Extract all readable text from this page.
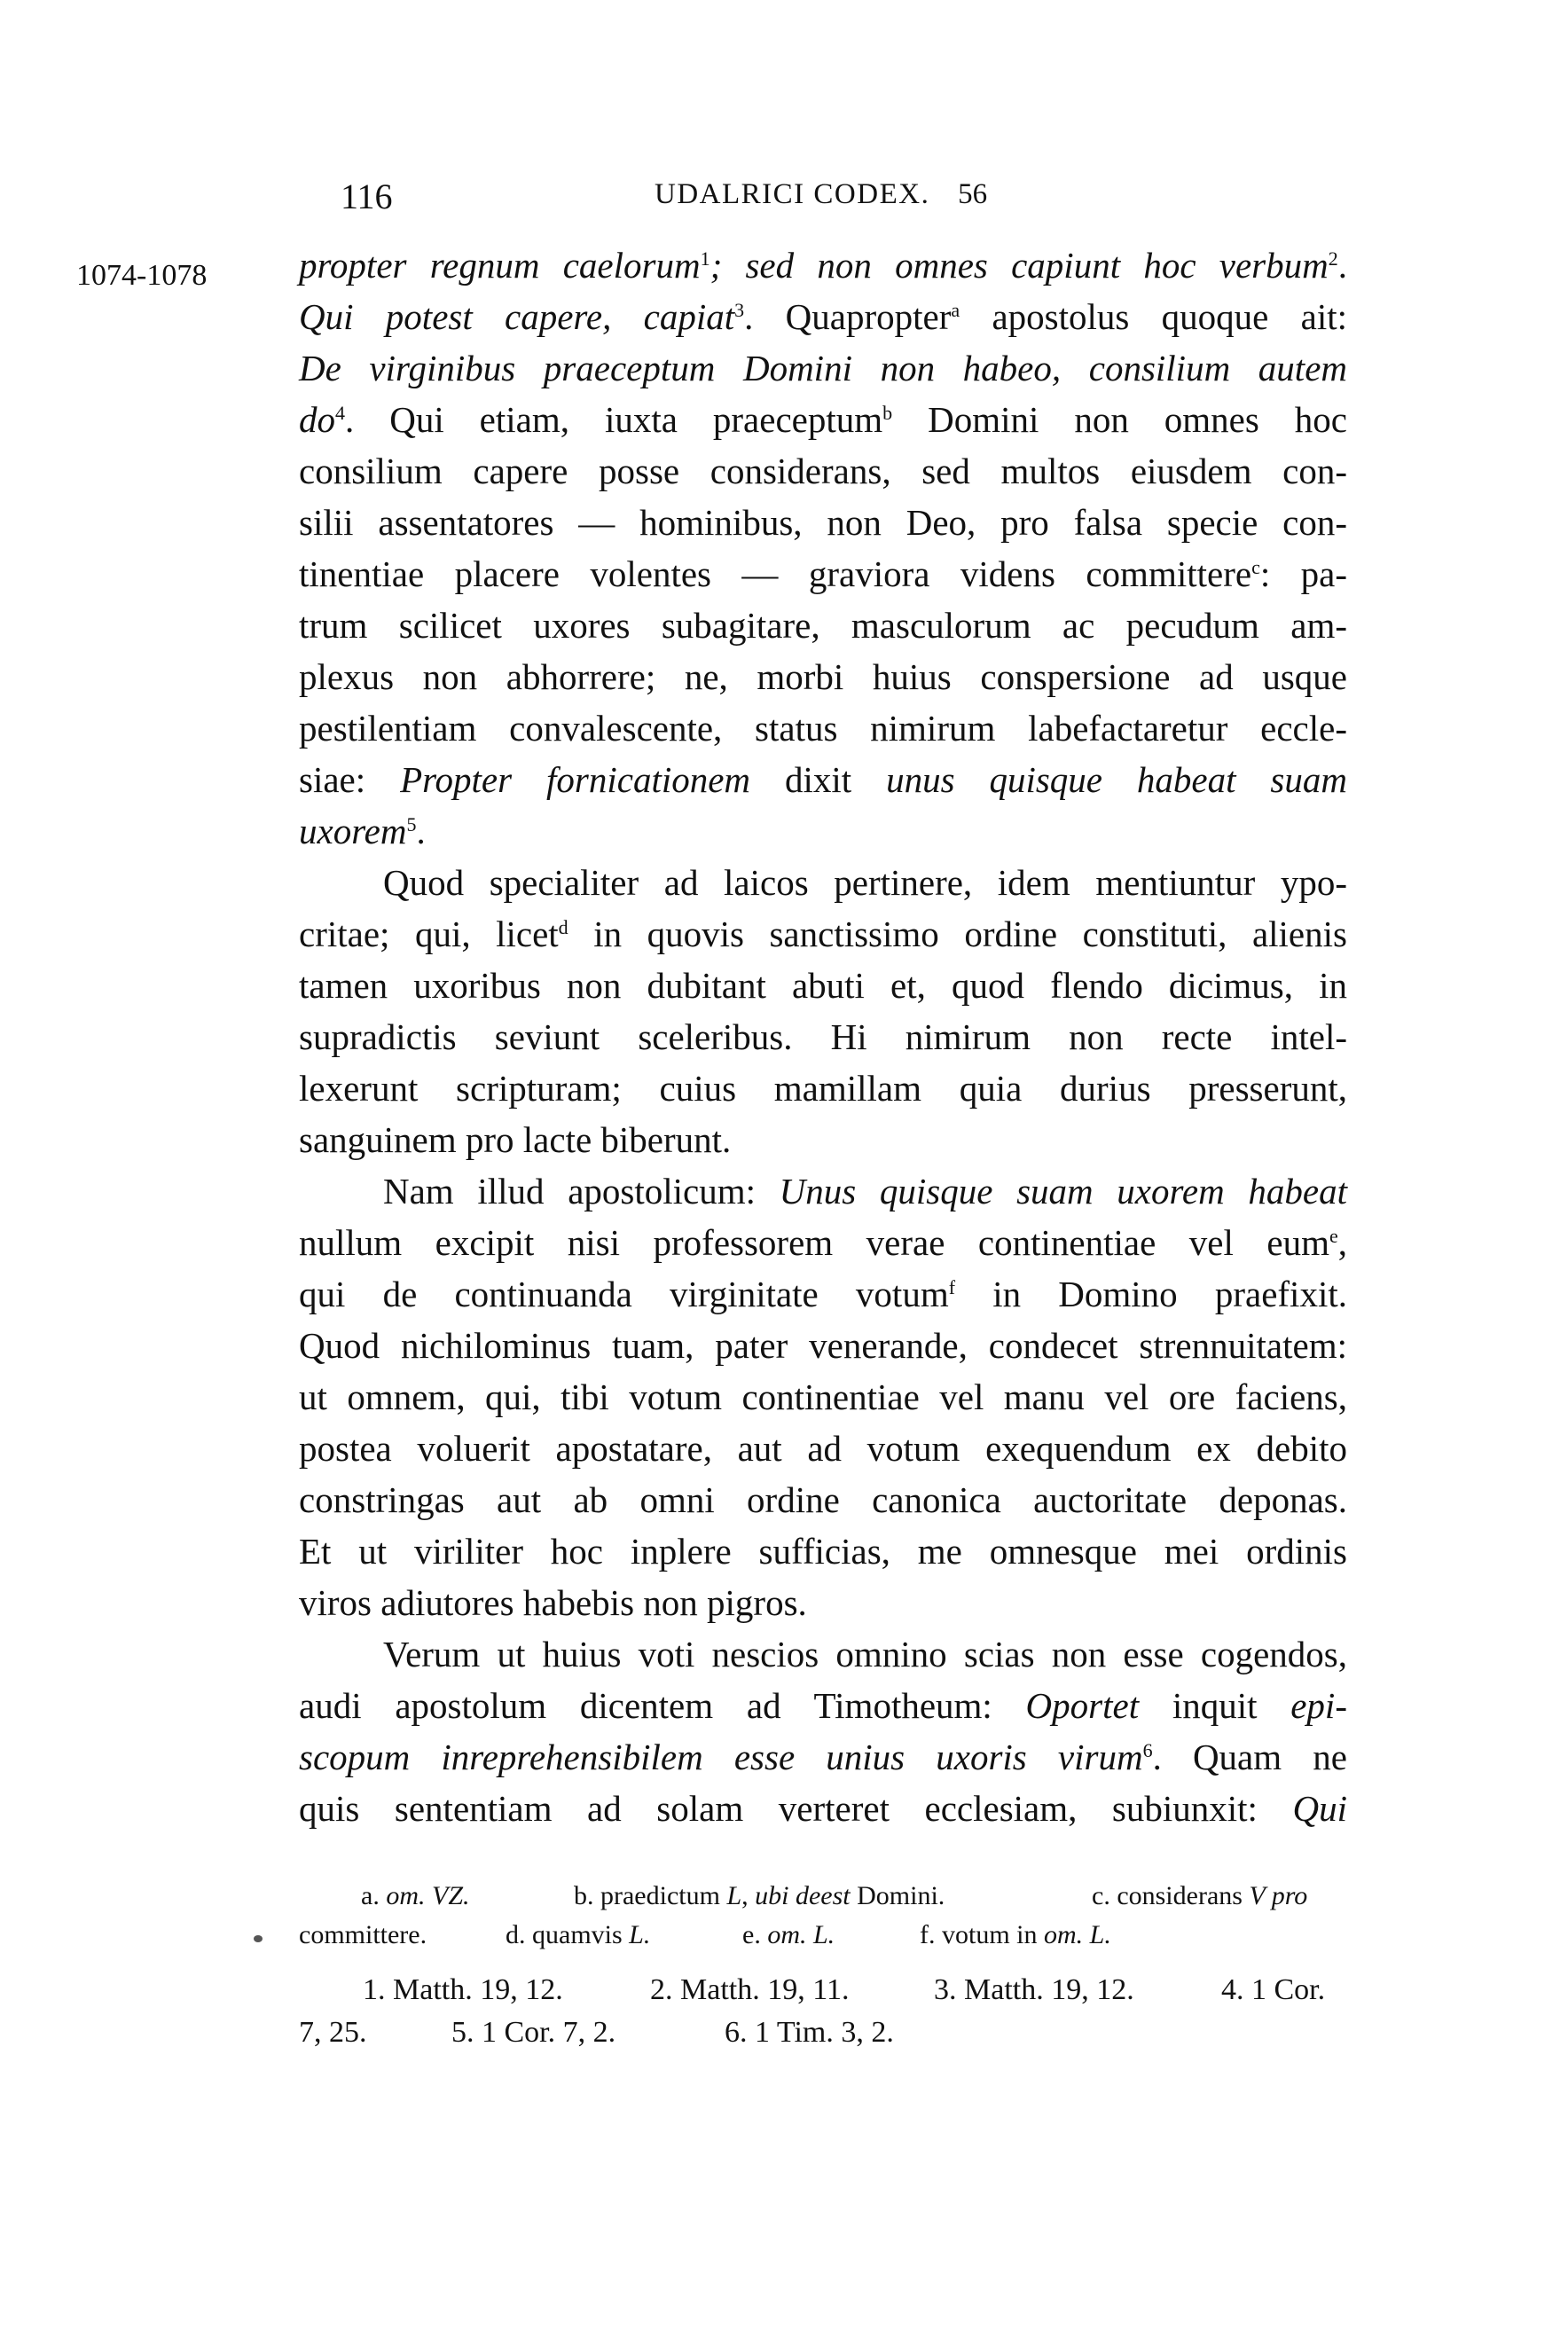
116	UDALRICI CODEX. 56
1074-1078	propter regnum caelorum$^1$; sed non omnes capiunt hoc verbum$^2$.
Qui potest capere, capiat$^3$. Quapropter$^a$ apostolus quoque ait:
De virginibus praeceptum Domini non habeo, consilium autem
$do^4$. Qui etiam, iuxta praeceptum$^b$ Domini non omnes hoc
consilium capere posse considerans, sed multos eiusdem con-
silii assentatores — hominibus, non Deo, pro falsa specie con-
tinentiae placere volentes — graviora videns committere$^c$: pa-
trum scilicet uxores subagitare, masculorum ac pecudum am-
plexus non abhorrere; ne, morbi huius conspersione ad usque
pestilentiam convalescente, status nimirum labefactaretur eccle-
siae: Propter fornicationem dixit unus quisque habeat suam
uxorem$^5$.
Quod specialiter ad laicos pertinere, idem mentiuntur ypo-
critae; qui, licet$^d$ in quovis sanctissimo ordine constituti, alienis
tamen uxoribus non dubitant abuti et, quod flendo dicimus, in
supradictis seviunt sceleribus. Hi nimirum non recte intel-
lexerunt scripturam; cuius mamillam quia durius presserunt,
sanguinem pro lacte biberunt.
Nam illud apostolicum: Unus quisque suam uxorem habeat
nullum excipit nisi professorem verae continentiae vel eum$^e$,
qui de continuanda virginitate votum$^f$ in Domino praefixit.
Quod nichilominus tuam, pater venerande, condecet strennuitatem:
ut omnem, qui, tibi votum continentiae vel manu vel ore faciens,
postea voluerit apostatare, aut ad votum exequendum ex debito
constringas aut ab omni ordine canonica auctoritate deponas.
Et ut viriliter hoc inplere sufficias, me omnesque mei ordinis
viros adiutores habebis non pigros.
Verum ut huius voti nescios omnino scias non esse cogendos,
audi apostolum dicentem ad Timotheum: Oportet inquit epi-
scopum inreprehensibilem esse unius uxoris virum$^6$. Quam ne
quis sententiam ad solam verteret ecclesiam, subiunxit: Qui
a. om. VZ.	b. praedictum L, ubi deest Domini.	c. considerans V pro
committere.	d. quamvis L.	e. om. L.	f. votum in om. L.
1. Matth. 19, 12.	2. Matth. 19, 11.	3. Matth. 19, 12.	4. 1 Cor.
7, 25.	5. 1 Cor. 7, 2.	6. 1 Tim. 3, 2.
